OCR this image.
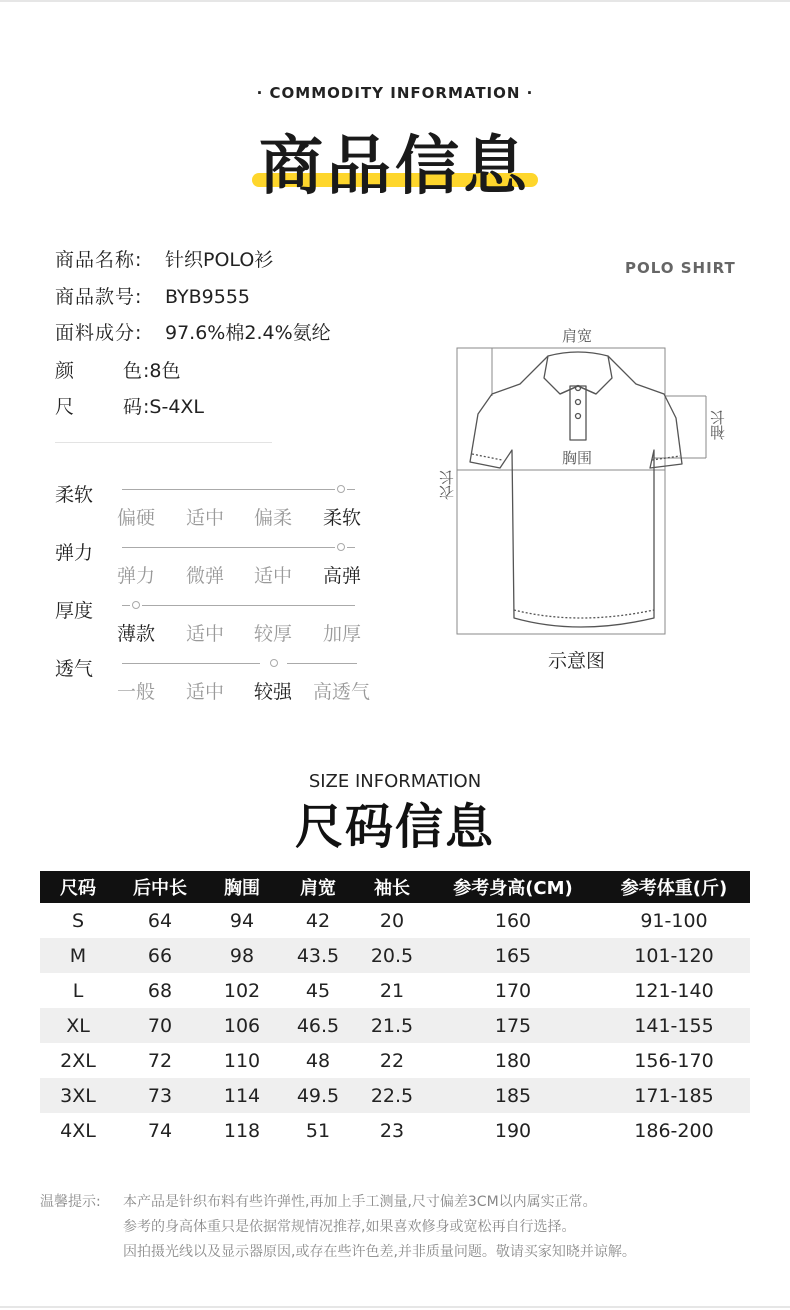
· COMMODITY INFORMATION ·
商品信息
商品名称: 针织POLO衫
商品款号: BYB9555
面料成分: 97.6%棉2.4%氨纶
颜色:8色
尺码:S-4XL
柔软
偏硬 适中 偏柔 柔软
弹力
弹力 微弹 适中 高弹
厚度
薄款 适中 较厚 加厚
透气
一般 适中 较强 高透气
POLO SHIRT
肩宽
袖长
胸围
衣长
示意图
SIZE INFORMATION
尺码信息
尺码	后中长	胸围	肩宽	袖长	参考身高(CM)	参考体重(斤)
S	64	94	42	20	160	91-100
M	66	98	43.5	20.5	165	101-120
L	68	102	45	21	170	121-140
XL	70	106	46.5	21.5	175	141-155
2XL	72	110	48	22	180	156-170
3XL	73	114	49.5	22.5	185	171-185
4XL	74	118	51	23	190	186-200
温馨提示: 本产品是针织布料有些许弹性,再加上手工测量,尺寸偏差3CM以内属实正常。
参考的身高体重只是依据常规情况推荐,如果喜欢修身或宽松再自行选择。
因拍摄光线以及显示器原因,或存在些许色差,并非质量问题。敬请买家知晓并谅解。
